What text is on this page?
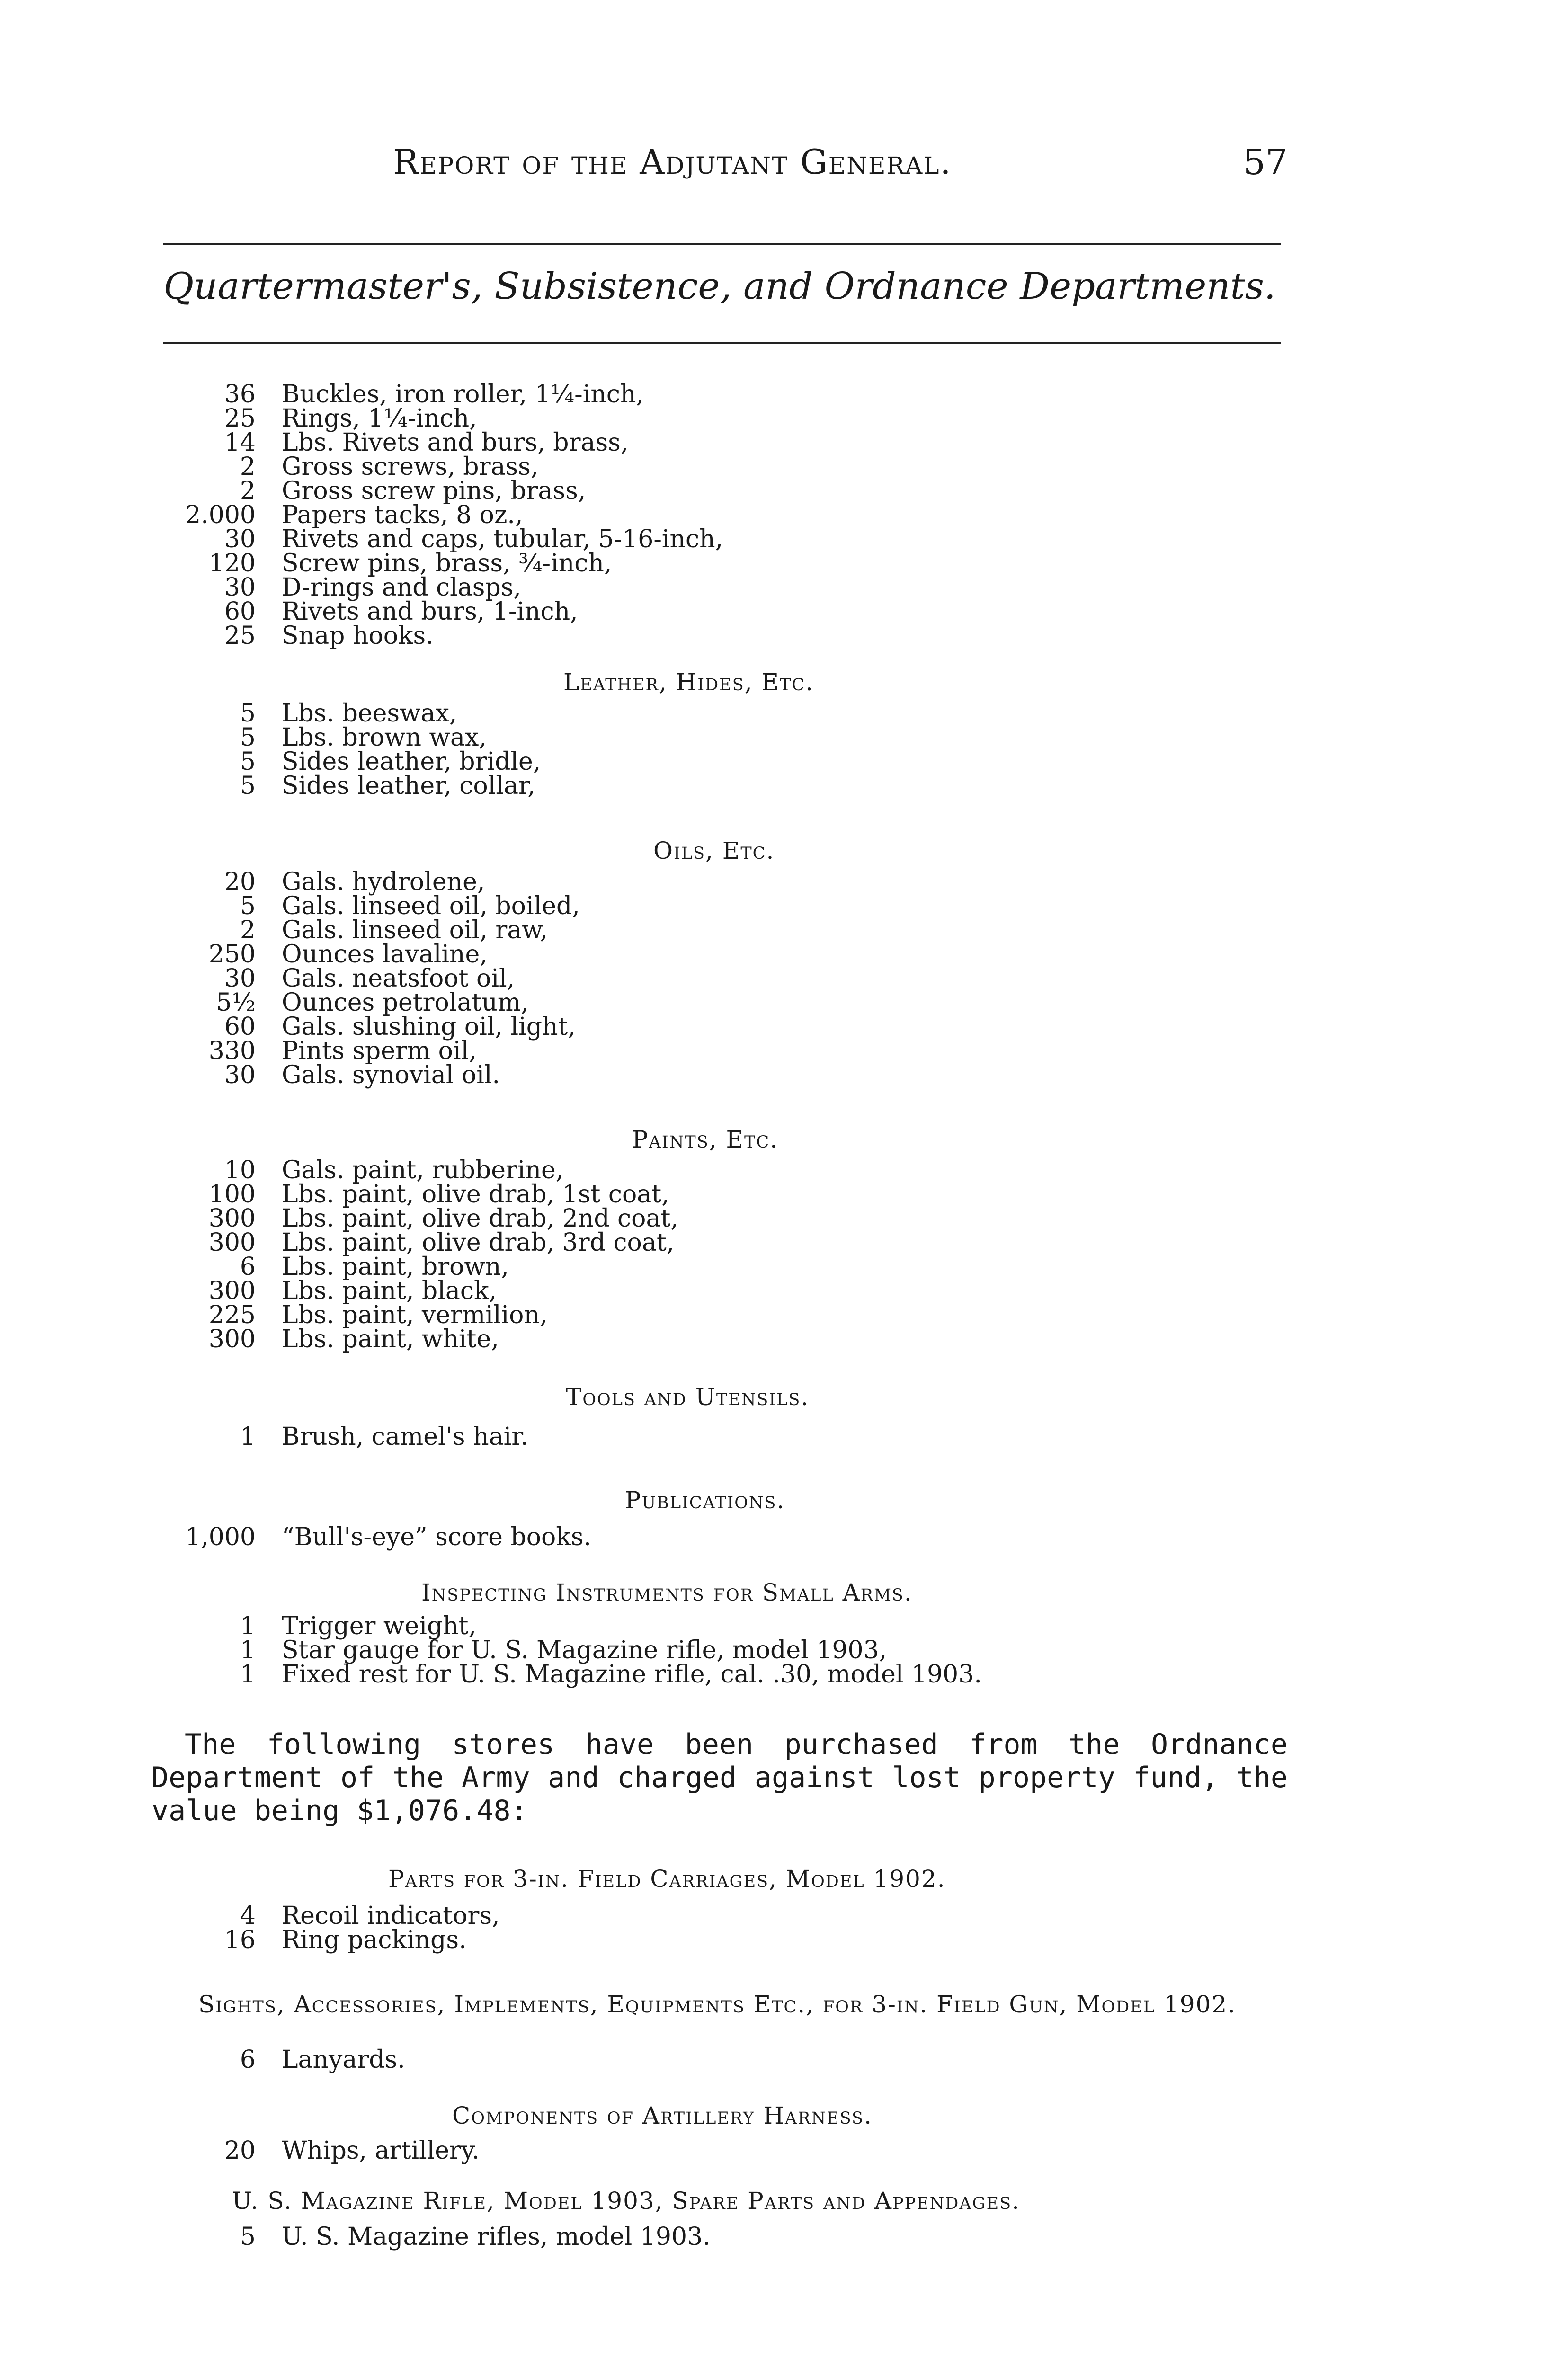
Report of the Adjutant General.	57
Quartermaster's, Subsistence, and Ordnance Departments.
36 Buckles, iron roller, 1¼-inch,
25 Rings, 1¼-inch,
14 Lbs. Rivets and burs, brass,
2 Gross screws, brass,
2 Gross screw pins, brass,
2.000 Papers tacks, 8 oz.,
30 Rivets and caps, tubular, 5-16-inch,
120 Screw pins, brass, ¾-inch,
30 D-rings and clasps,
60 Rivets and burs, 1-inch,
25 Snap hooks.
Leather, Hides, Etc.
5 Lbs. beeswax,
5 Lbs. brown wax,
5 Sides leather, bridle,
5 Sides leather, collar,
Oils, Etc.
20 Gals. hydrolene,
5 Gals. linseed oil, boiled,
2 Gals. linseed oil, raw,
250 Ounces lavaline,
30 Gals. neatsfoot oil,
5½ Ounces petrolatum,
60 Gals. slushing oil, light,
330 Pints sperm oil,
30 Gals. synovial oil.
Paints, Etc.
10 Gals. paint, rubberine,
100 Lbs. paint, olive drab, 1st coat,
300 Lbs. paint, olive drab, 2nd coat,
300 Lbs. paint, olive drab, 3rd coat,
6 Lbs. paint, brown,
300 Lbs. paint, black,
225 Lbs. paint, vermilion,
300 Lbs. paint, white,
Tools and Utensils.
1 Brush, camel's hair.
Publications.
1,000 “Bull's-eye” score books.
Inspecting Instruments for Small Arms.
1 Trigger weight,
1 Star gauge for U. S. Magazine rifle, model 1903,
1 Fixed rest for U. S. Magazine rifle, cal. .30, model 1903.
The following stores have been purchased from the Ordnance Department of the Army and charged against lost property fund, the value being $1,076.48:
Parts for 3-in. Field Carriages, Model 1902.
4 Recoil indicators,
16 Ring packings.
Sights, Accessories, Implements, Equipments Etc., for 3-in. Field Gun, Model 1902.
6 Lanyards.
Components of Artillery Harness.
20 Whips, artillery.
U. S. Magazine Rifle, Model 1903, Spare Parts and Appendages.
5 U. S. Magazine rifles, model 1903.
